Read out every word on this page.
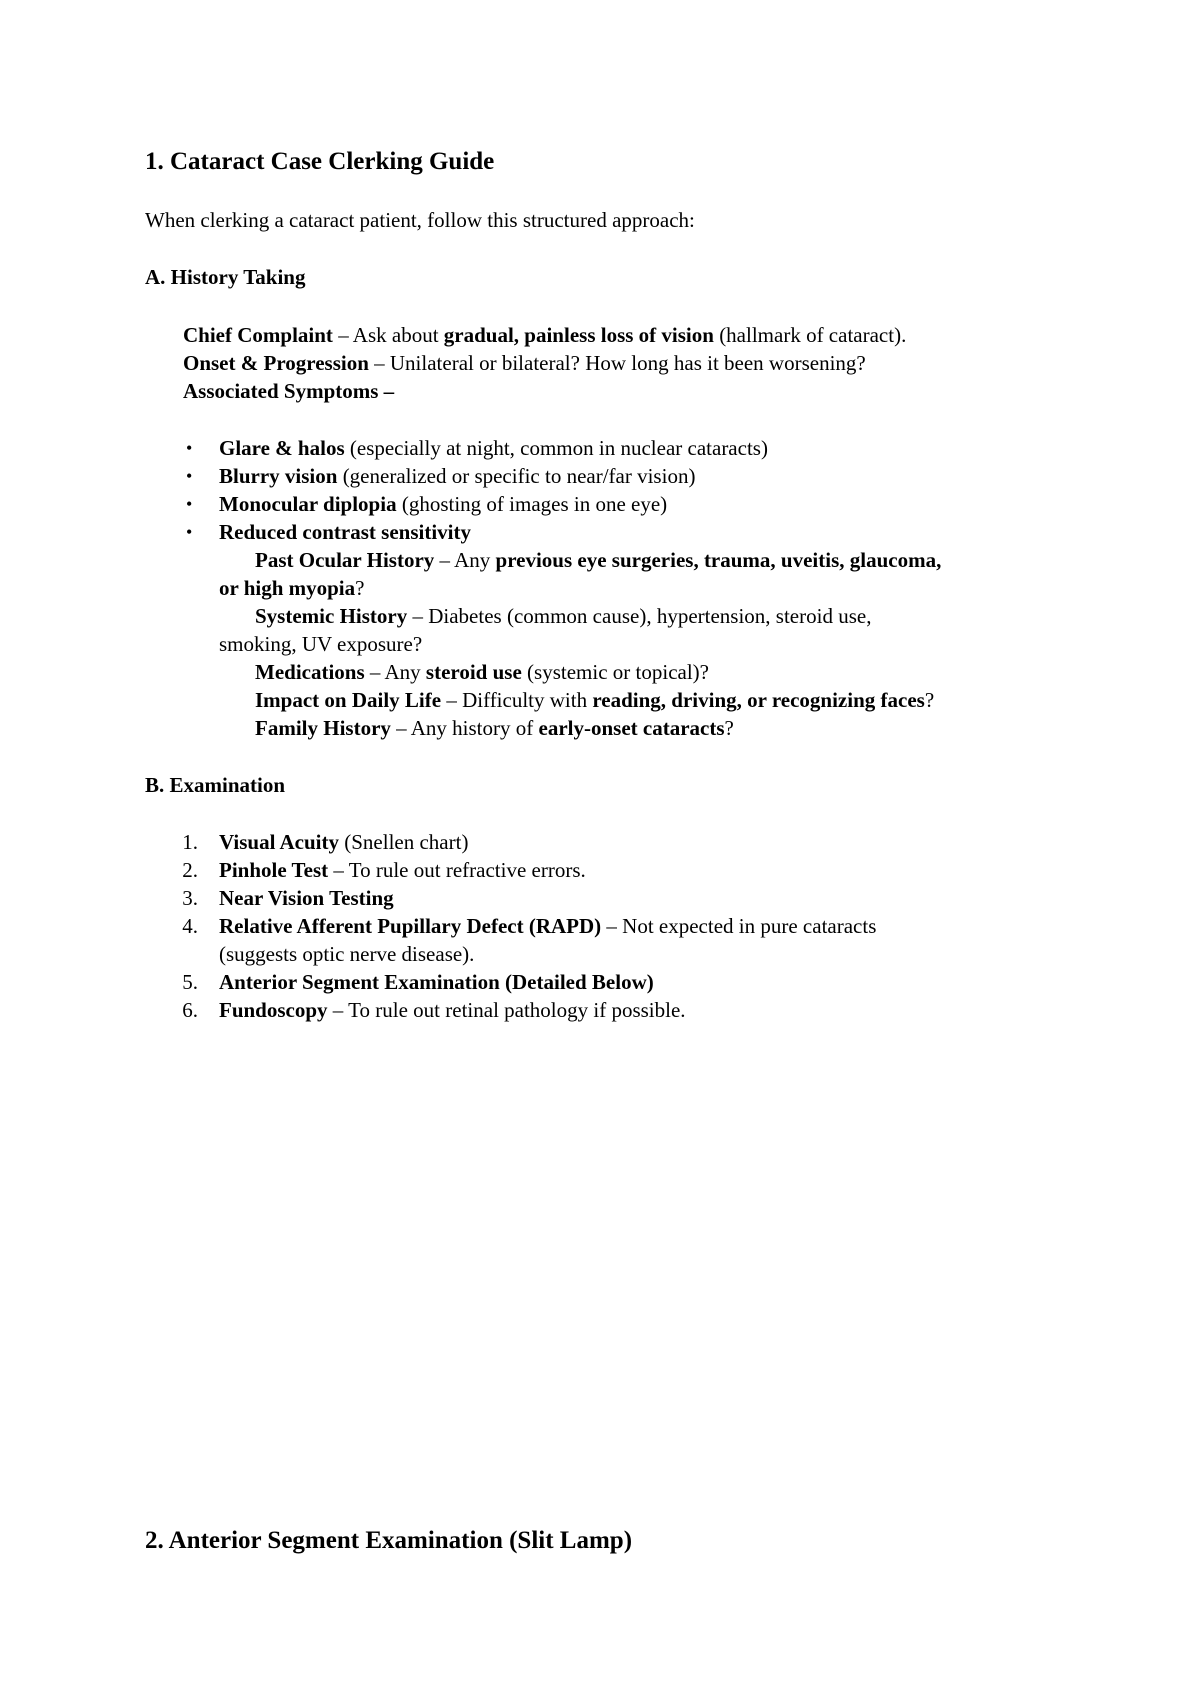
1. Cataract Case Clerking Guide
When clerking a cataract patient, follow this structured approach:
A. History Taking
Chief Complaint – Ask about gradual, painless loss of vision (hallmark of cataract).
Onset & Progression – Unilateral or bilateral? How long has it been worsening?
Associated Symptoms –
• Glare & halos (especially at night, common in nuclear cataracts)
• Blurry vision (generalized or specific to near/far vision)
• Monocular diplopia (ghosting of images in one eye)
• Reduced contrast sensitivity
Past Ocular History – Any previous eye surgeries, trauma, uveitis, glaucoma,
or high myopia?
Systemic History – Diabetes (common cause), hypertension, steroid use,
smoking, UV exposure?
Medications – Any steroid use (systemic or topical)?
Impact on Daily Life – Difficulty with reading, driving, or recognizing faces?
Family History – Any history of early-onset cataracts?
B. Examination
1. Visual Acuity (Snellen chart)
2. Pinhole Test – To rule out refractive errors.
3. Near Vision Testing
4. Relative Afferent Pupillary Defect (RAPD) – Not expected in pure cataracts
(suggests optic nerve disease).
5. Anterior Segment Examination (Detailed Below)
6. Fundoscopy – To rule out retinal pathology if possible.
2. Anterior Segment Examination (Slit Lamp)
